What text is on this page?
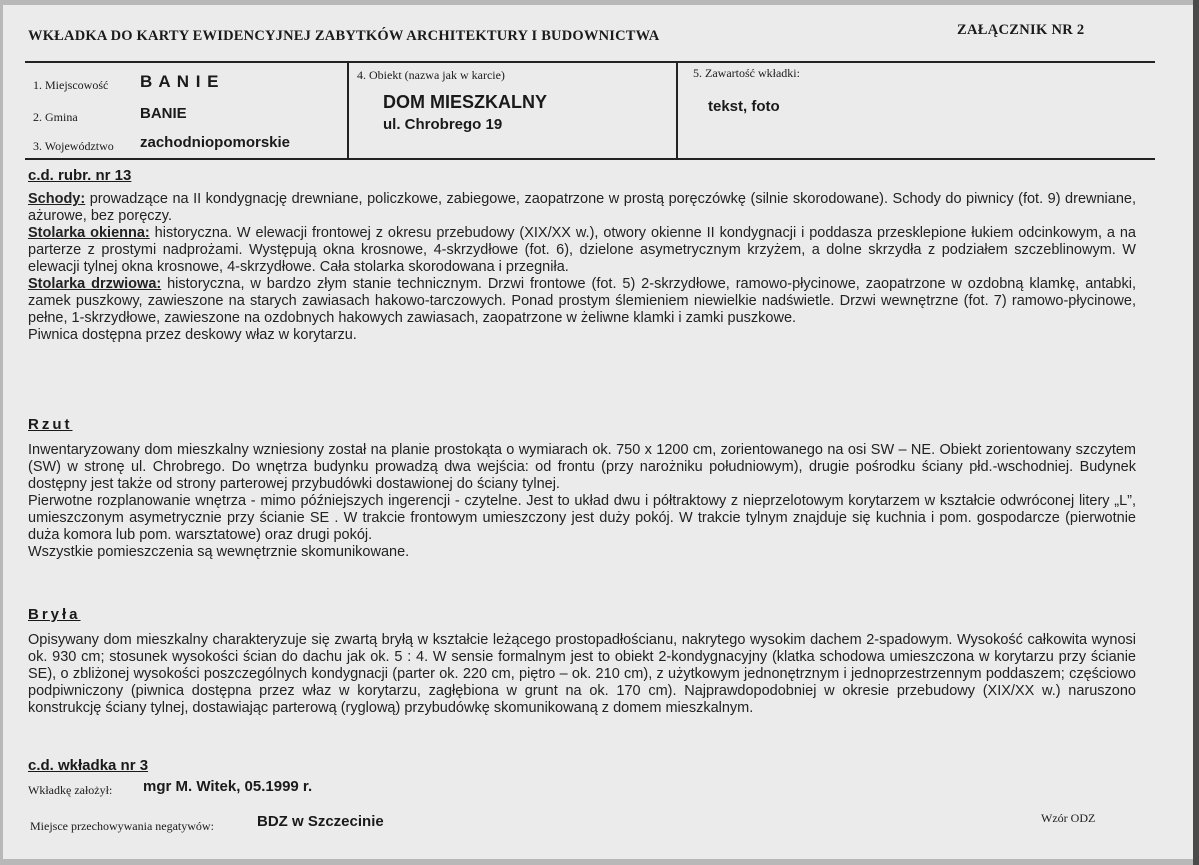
WKŁADKA DO KARTY EWIDENCYJNEJ ZABYTKÓW ARCHITEKTURY I BUDOWNICTWA	ZAŁĄCZNIK NR 2
1. Miejscowość B A N I E
2. Gmina	BANIE
3. Województwo zachodniopomorskie
4. Obiekt (nazwa jak w karcie)
DOM MIESZKALNY
ul. Chrobrego 19
5. Zawartość wkładki:
tekst, foto
c.d. rubr. nr 13

Schody: prowadzące na II kondygnację drewniane, policzkowe, zabiegowe, zaopatrzone w prostą poręczówkę (silnie skorodowane). Schody do piwnicy (fot. 9) drewniane, ażurowe, bez poręczy.

Stolarka okienna: historyczna. W elewacji frontowej z okresu przebudowy (XIX/XX w.), otwory okienne II kondygnacji i poddasza przesklepione łukiem odcinkowym, a na parterze z prostymi nadprożami. Występują okna krosnowe, 4-skrzydłowe (fot. 6), dzielone asymetrycznym krzyżem, a dolne skrzydła z podziałem szczeblinowym. W elewacji tylnej okna krosnowe, 4-skrzydłowe. Cała stolarka skorodowana i przegniła.

Stolarka drzwiowa: historyczna, w bardzo złym stanie technicznym. Drzwi frontowe (fot. 5) 2-skrzydłowe, ramowo-płycinowe, zaopatrzone w ozdobną klamkę, antabki, zamek puszkowy, zawieszone na starych zawiasach hakowo-tarczowych. Ponad prostym ślemieniem niewielkie nadświetle. Drzwi wewnętrzne (fot. 7) ramowo-płycinowe, pełne, 1-skrzydłowe, zawieszone na ozdobnych hakowych zawiasach, zaopatrzone w żeliwne klamki i zamki puszkowe.

Piwnica dostępna przez deskowy właz w korytarzu.

Rzut

Inwentaryzowany dom mieszkalny wzniesiony został na planie prostokąta o wymiarach ok. 750 x 1200 cm, zorientowanego na osi SW – NE. Obiekt zorientowany szczytem (SW) w stronę ul. Chrobrego. Do wnętrza budynku prowadzą dwa wejścia: od frontu (przy narożniku południowym), drugie pośrodku ściany płd.-wschodniej. Budynek dostępny jest także od strony parterowej przybudówki dostawionej do ściany tylnej.

Pierwotne rozplanowanie wnętrza - mimo późniejszych ingerencji - czytelne. Jest to układ dwu i półtraktowy z nieprzelotowym korytarzem w kształcie odwróconej litery „L”, umieszczonym asymetrycznie przy ścianie SE . W trakcie frontowym umieszczony jest duży pokój. W trakcie tylnym znajduje się kuchnia i pom. gospodarcze (pierwotnie duża komora lub pom. warsztatowe) oraz drugi pokój.

Wszystkie pomieszczenia są wewnętrznie skomunikowane.

Bryła

Opisywany dom mieszkalny charakteryzuje się zwartą bryłą w kształcie leżącego prostopadłościanu, nakrytego wysokim dachem 2-spadowym. Wysokość całkowita wynosi ok. 930 cm; stosunek wysokości ścian do dachu jak ok. 5 : 4. W sensie formalnym jest to obiekt 2-kondygnacyjny (klatka schodowa umieszczona w korytarzu przy ścianie SE), o zbliżonej wysokości poszczególnych kondygnacji (parter ok. 220 cm, piętro – ok. 210 cm), z użytkowym jednonętrznym i jednoprzestrzennym poddaszem; częściowo podpiwniczony (piwnica dostępna przez właz w korytarzu, zagłębiona w grunt na ok. 170 cm). Najprawdopodobniej w okresie przebudowy (XIX/XX w.) naruszono konstrukcję ściany tylnej, dostawiając parterową (ryglową) przybudówkę skomunikowaną z domem mieszkalnym.

c.d. wkładka nr 3
Wkładkę założył: mgr M. Witek, 05.1999 r.
Miejsce przechowywania negatywów:	BDZ w Szczecinie	Wzór ODZ
